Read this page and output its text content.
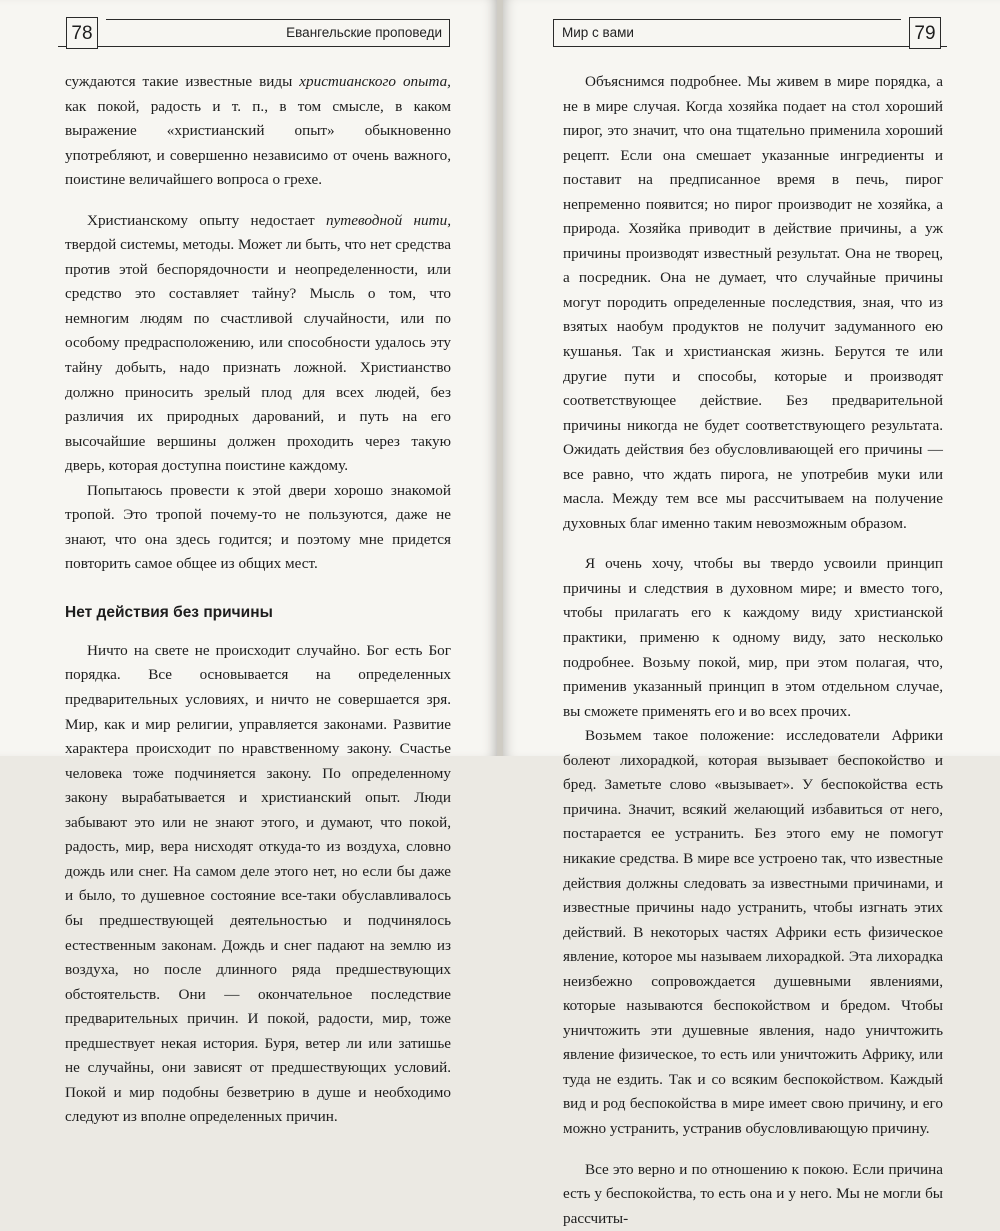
78	Евангельские проповеди

суждаются такие известные виды христианского опыта, как покой, радость и т. п., в том смысле, в каком выражение «христианский опыт» обыкновенно употребляют, и совершенно независимо от очень важного, поистине величайшего вопроса о грехе.

Христианскому опыту недостает путеводной нити, твердой системы, методы. Может ли быть, что нет средства против этой беспорядочности и неопределенности, или средство это составляет тайну? Мысль о том, что немногим людям по счастливой случайности, или по особому предрасположению, или способности удалось эту тайну добыть, надо признать ложной. Христианство должно приносить зрелый плод для всех людей, без различия их природных дарований, и путь на его высочайшие вершины должен проходить через такую дверь, которая доступна поистине каждому.

Попытаюсь провести к этой двери хорошо знакомой тропой. Это тропой почему-то не пользуются, даже не знают, что она здесь годится; и поэтому мне придется повторить самое общее из общих мест.

Нет действия без причины

Ничто на свете не происходит случайно. Бог есть Бог порядка. Все основывается на определенных предварительных условиях, и ничто не совершается зря. Мир, как и мир религии, управляется законами. Развитие характера происходит по нравственному закону. Счастье человека тоже подчиняется закону. По определенному закону вырабатывается и христианский опыт. Люди забывают это или не знают этого, и думают, что покой, радость, мир, вера нисходят откуда-то из воздуха, словно дождь или снег. На самом деле этого нет, но если бы даже и было, то душевное состояние все-таки обуславливалось бы предшествующей деятельностью и подчинялось естественным законам. Дождь и снег падают на землю из воздуха, но после длинного ряда предшествующих обстоятельств. Они — окончательное последствие предварительных причин. И покой, радости, мир, тоже предшествует некая история. Буря, ветер ли или затишье не случайны, они зависят от предшествующих условий. Покой и мир подобны безветрию в душе и необходимо следуют из вполне определенных причин.

Мир с вами	79

Объяснимся подробнее. Мы живем в мире порядка, а не в мире случая. Когда хозяйка подает на стол хороший пирог, это значит, что она тщательно применила хороший рецепт. Если она смешает указанные ингредиенты и поставит на предписанное время в печь, пирог непременно появится; но пирог производит не хозяйка, а природа. Хозяйка приводит в действие причины, а уж причины производят известный результат. Она не творец, а посредник. Она не думает, что случайные причины могут породить определенные последствия, зная, что из взятых наобум продуктов не получит задуманного ею кушанья. Так и христианская жизнь. Берутся те или другие пути и способы, которые и производят соответствующее действие. Без предварительной причины никогда не будет соответствующего результата. Ожидать действия без обусловливающей его причины — все равно, что ждать пирога, не употребив муки или масла. Между тем все мы рассчитываем на получение духовных благ именно таким невозможным образом.

Я очень хочу, чтобы вы твердо усвоили принцип причины и следствия в духовном мире; и вместо того, чтобы прилагать его к каждому виду христианской практики, применю к одному виду, зато несколько подробнее. Возьму покой, мир, при этом полагая, что, применив указанный принцип в этом отдельном случае, вы сможете применять его и во всех прочих.

Возьмем такое положение: исследователи Африки болеют лихорадкой, которая вызывает беспокойство и бред. Заметьте слово «вызывает». У беспокойства есть причина. Значит, всякий желающий избавиться от него, постарается ее устранить. Без этого ему не помогут никакие средства. В мире все устроено так, что известные действия должны следовать за известными причинами, и известные причины надо устранить, чтобы изгнать этих действий. В некоторых частях Африки есть физическое явление, которое мы называем лихорадкой. Эта лихорадка неизбежно сопровождается душевными явлениями, которые называются беспокойством и бредом. Чтобы уничтожить эти душевные явления, надо уничтожить явление физическое, то есть или уничтожить Африку, или туда не ездить. Так и со всяким беспокойством. Каждый вид и род беспокойства в мире имеет свою причину, и его можно устранить, устранив обусловливающую причину.

Все это верно и по отношению к покою. Если причина есть у беспокойства, то есть она и у него. Мы не могли бы рассчиты-
